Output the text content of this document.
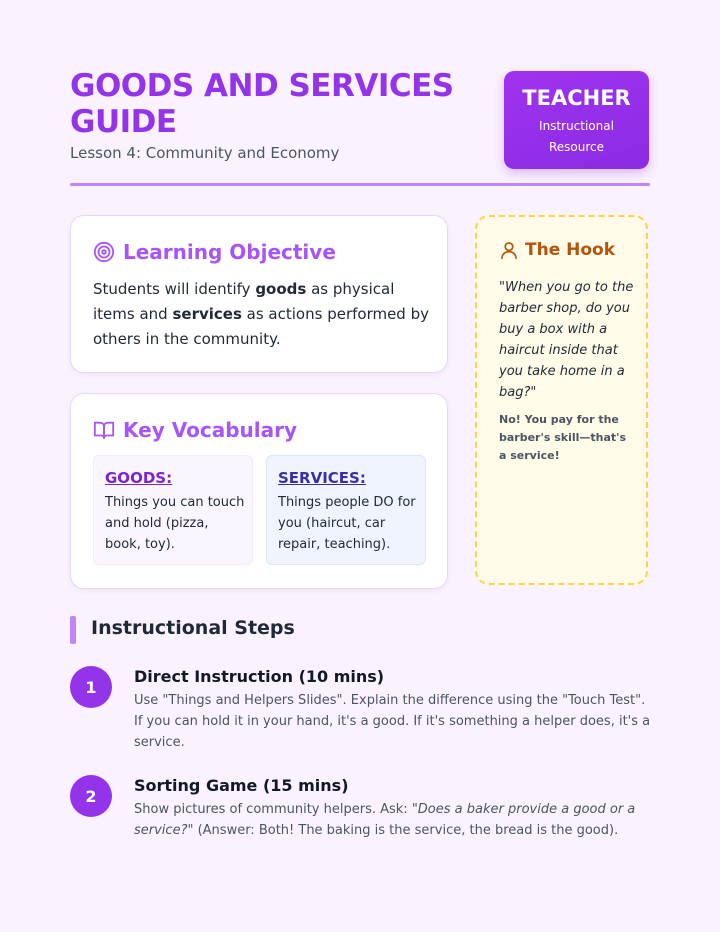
GOODS AND SERVICES GUIDE
Lesson 4: Community and Economy
TEACHER
Instructional Resource
Learning Objective
Students will identify goods as physical items and services as actions performed by others in the community.
Key Vocabulary
GOODS:
Things you can touch and hold (pizza, book, toy).
SERVICES:
Things people DO for you (haircut, car repair, teaching).
The Hook
"When you go to the barber shop, do you buy a box with a haircut inside that you take home in a bag?"
No! You pay for the barber's skill—that's a service!
Instructional Steps
1
Direct Instruction (10 mins)
Use "Things and Helpers Slides". Explain the difference using the "Touch Test". If you can hold it in your hand, it's a good. If it's something a helper does, it's a service.
2
Sorting Game (15 mins)
Show pictures of community helpers. Ask: "Does a baker provide a good or a service?" (Answer: Both! The baking is the service, the bread is the good).
